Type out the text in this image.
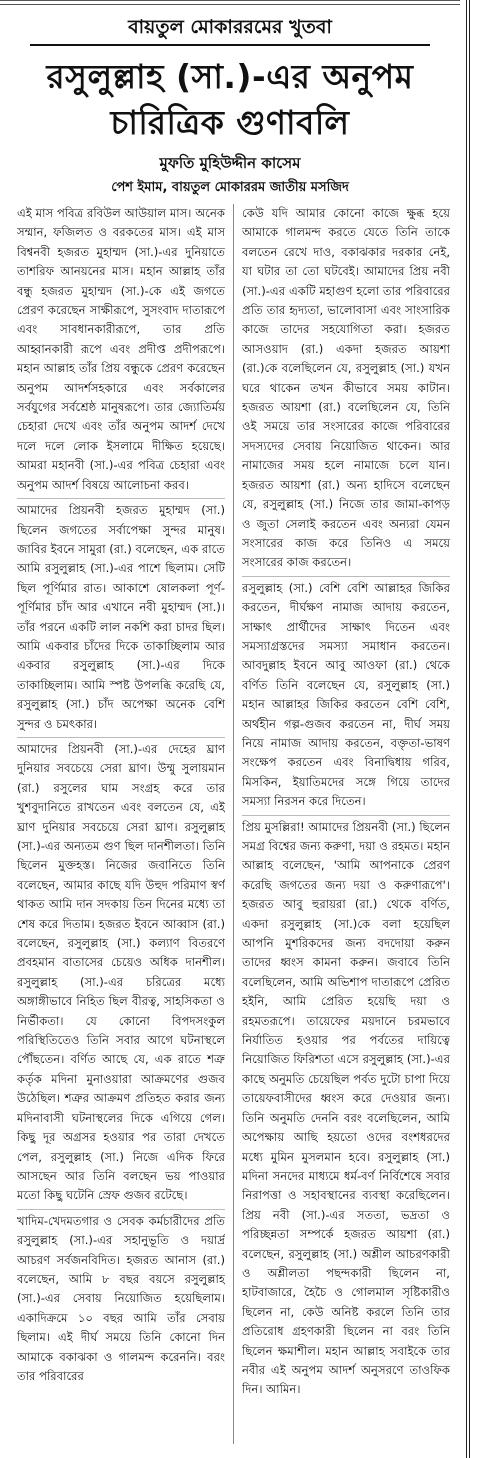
বায়তুল মোকাররমের খুতবা
রসুলুল্লাহ (সা.)-এর অনুপম
চারিত্রিক গুণাবলি
মুফতি মুহিউদ্দীন কাসেম
পেশ ইমাম, বায়তুল মোকাররম জাতীয় মসজিদ

এই মাস পবিত্র রবিউল আউয়াল মাস। অনেক সম্মান, ফজিলত ও বরকতের মাস। এই মাস বিশ্বনবী হজরত মুহাম্মদ (সা.)-এর দুনিয়াতে তাশরিফ আনয়নের মাস। মহান আল্লাহ তাঁর বন্ধু হজরত মুহাম্মদ (সা.)-কে এই জগতে প্রেরণ করেছেন সাক্ষীরূপে, সুসংবাদ দাতারূপে এবং সাবধানকারীরূপে, তার প্রতি আহ্বানকারী রূপে এবং প্রদীপ্ত প্রদীপরূপে। মহান আল্লাহ তাঁর প্রিয় বন্ধুকে প্রেরণ করেছেন অনুপম আদর্শসহকারে এবং সর্বকালের সর্বযুগের সর্বশ্রেষ্ঠ মানুষরূপে। তার জ্যোতির্ময় চেহারা দেখে এবং তাঁর অনুপম আদর্শ দেখে দলে দলে লোক ইসলামে দীক্ষিত হয়েছে। আমরা মহানবী (সা.)-এর পবিত্র চেহারা এবং অনুপম আদর্শ বিষয়ে আলোচনা করব।

আমাদের প্রিয়নবী হজরত মুহাম্মদ (সা.) ছিলেন জগতের সর্বাপেক্ষা সুন্দর মানুষ। জাবির ইবনে সামুরা (রা.) বলেছেন, এক রাতে আমি রসুলুল্লাহ (সা.)-এর পাশে ছিলাম। সেটি ছিল পূর্ণিমার রাত। আকাশে ষোলকলা পূর্ণ-পূর্ণিমার চাঁদ আর এখানে নবী মুহাম্মদ (সা.)। তাঁর পরনে একটি লাল নকশি করা চাদর ছিল। আমি একবার চাঁদের দিকে তাকাচ্ছিলাম আর একবার রসুলুল্লাহ (সা.)-এর দিকে তাকাচ্ছিলাম। আমি স্পষ্ট উপলব্ধি করেছি যে, রসুলুল্লাহ (সা.) চাঁদ অপেক্ষা অনেক বেশি সুন্দর ও চমৎকার।

আমাদের প্রিয়নবী (সা.)-এর দেহের ঘ্রাণ দুনিয়ার সবচেয়ে সেরা ঘ্রাণ। উম্মু সুলায়মান (রা.) রসুলের ঘাম সংগ্রহ করে তার খুশবুদানিতে রাখতেন এবং বলতেন যে, এই ঘ্রাণ দুনিয়ার সবচেয়ে সেরা ঘ্রাণ। রসুলুল্লাহ (সা.)-এর অন্যতম গুণ ছিল দানশীলতা। তিনি ছিলেন মুক্তহস্ত। নিজের জবানিতে তিনি বলেছেন, আমার কাছে যদি উহুদ পরিমাণ স্বর্ণ থাকত আমি দান সদকায় তিন দিনের মধ্যে তা শেষ করে দিতাম। হজরত ইবনে আব্বাস (রা.) বলেছেন, রসুলুল্লাহ (সা.) কল্যাণ বিতরণে প্রবহমান বাতাসের চেয়েও অধিক দানশীল। রসুলুল্লাহ (সা.)-এর চরিত্রের মধ্যে অঙ্গাঙ্গীভাবে নিহিত ছিল বীরত্ব, সাহসিকতা ও নির্ভীকতা। যে কোনো বিপদসংকুল পরিস্থিতিতেও তিনি সবার আগে ঘটনাস্থলে পৌঁছতেন। বর্ণিত আছে যে, এক রাতে শত্রু কর্তৃক মদিনা মুনাওয়ারা আক্রমণের গুজব উঠেছিল। শত্রুর আক্রমণ প্রতিহত করার জন্য মদিনাবাসী ঘটনাস্থলের দিকে এগিয়ে গেল। কিছু দূর অগ্রসর হওয়ার পর তারা দেখতে পেল, রসুলুল্লাহ (সা.) নিজে এদিক ফিরে আসছেন আর তিনি বলছেন ভয় পাওয়ার মতো কিছু ঘটেনি স্রেফ গুজব রটেছে।

খাদিম-খেদমতগার ও সেবক কর্মচারীদের প্রতি রসুলুল্লাহ (সা.)-এর সহানুভূতি ও দয়ার্দ্র আচরণ সর্বজনবিদিত। হজরত আনাস (রা.) বলেছেন, আমি ৮ বছর বয়সে রসুলুল্লাহ (সা.)-এর সেবায় নিয়োজিত হয়েছিলাম। একাদিক্রমে ১০ বছর আমি তাঁর সেবায় ছিলাম। এই দীর্ঘ সময়ে তিনি কোনো দিন আমাকে বকাঝকা ও গালমন্দ করেননি। বরং তার পরিবারের

কেউ যদি আমার কোনো কাজে ক্ষুব্ধ হয়ে আমাকে গালমন্দ করতে যেতে তিনি তাকে বলতেন রেখে দাও, বকাঝকার দরকার নেই, যা ঘটার তা তো ঘটবেই। আমাদের প্রিয় নবী (সা.)-এর একটি মহাগুণ হলো তার পরিবারের প্রতি তার হৃদ্যতা, ভালোবাসা এবং সাংসারিক কাজে তাদের সহযোগিতা করা। হজরত আসওয়াদ (রা.) একদা হজরত আয়শা (রা.)কে বলেছিলেন যে, রসুলুল্লাহ (সা.) যখন ঘরে থাকেন তখন কীভাবে সময় কাটান। হজরত আয়শা (রা.) বলেছিলেন যে, তিনি ওই সময়ে তার সংসারের কাজে পরিবারের সদস্যদের সেবায় নিয়োজিত থাকেন। আর নামাজের সময় হলে নামাজে চলে যান। হজরত আয়শা (রা.) অন্য হাদিসে বলেছেন যে, রসুলুল্লাহ (সা.) নিজে তার জামা-কাপড় ও জুতা সেলাই করতেন এবং অন্যরা যেমন সংসারের কাজ করে তিনিও এ সময়ে সংসারের কাজ করতেন।

রসুলুল্লাহ (সা.) বেশি বেশি আল্লাহর জিকির করতেন, দীর্ঘক্ষণ নামাজ আদায় করতেন, সাক্ষাৎ প্রার্থীদের সাক্ষাৎ দিতেন এবং সমস্যাগ্রস্তদের সমস্যা সমাধান করতেন। আবদুল্লাহ ইবনে আবু আওফা (রা.) থেকে বর্ণিত তিনি বলেছেন যে, রসুলুল্লাহ (সা.) মহান আল্লাহর জিকির করতেন বেশি বেশি, অর্থহীন গল্প-গুজব করতেন না, দীর্ঘ সময় নিয়ে নামাজ আদায় করতেন, বক্তৃতা-ভাষণ সংক্ষেপ করতেন এবং বিনাদ্বিধায় গরিব, মিসকিন, ইয়াতিমদের সঙ্গে গিয়ে তাদের সমস্যা নিরসন করে দিতেন।

প্রিয় মুসল্লিরা! আমাদের প্রিয়নবী (সা.) ছিলেন সমগ্র বিশ্বের জন্য করুণা, দয়া ও রহমত। মহান আল্লাহ বলেছেন, 'আমি আপনাকে প্রেরণ করেছি জগতের জন্য দয়া ও করুণারূপে'। হজরত আবু হুরায়রা (রা.) থেকে বর্ণিত, একদা রসুলুল্লাহ (সা.)কে বলা হয়েছিল আপনি মুশরিকদের জন্য বদদোয়া করুন তাদের ধ্বংস কামনা করুন। জবাবে তিনি বলেছিলেন, আমি অভিশাপ দাতারূপে প্রেরিত হইনি, আমি প্রেরিত হয়েছি দয়া ও রহমতরূপে। তায়েফের ময়দানে চরমভাবে নির্যাতিত হওয়ার পর পর্বতের দায়িত্বে নিয়োজিত ফিরিশতা এসে রসুলুল্লাহ (সা.)-এর কাছে অনুমতি চেয়েছিল পর্বত দুটো চাপা দিয়ে তায়েফবাসীদের ধ্বংস করে দেওয়ার জন্য। তিনি অনুমতি দেননি বরং বলেছিলেন, আমি অপেক্ষায় আছি হয়তো ওদের বংশধরদের মধ্যে মুমিন মুসলমান হবে। রসুলুল্লাহ (সা.) মদিনা সনদের মাধ্যমে ধর্ম-বর্ণ নির্বিশেষে সবার নিরাপত্তা ও সহাবস্থানের ব্যবস্থা করেছিলেন। প্রিয় নবী (সা.)-এর সততা, ভদ্রতা ও পরিচ্ছন্নতা সম্পর্কে হজরত আয়শা (রা.) বলেছেন, রসুলুল্লাহ (সা.) অশ্লীল আচরণকারী ও অশ্লীলতা পছন্দকারী ছিলেন না, হাটবাজারে, হৈচৈ ও গোলমাল সৃষ্টিকারীও ছিলেন না, কেউ অনিষ্ট করলে তিনি তার প্রতিরোধ গ্রহণকারী ছিলেন না বরং তিনি ছিলেন ক্ষমাশীল। মহান আল্লাহ সবাইকে তার নবীর এই অনুপম আদর্শ অনুসরণে তাওফিক দিন। আমিন।
